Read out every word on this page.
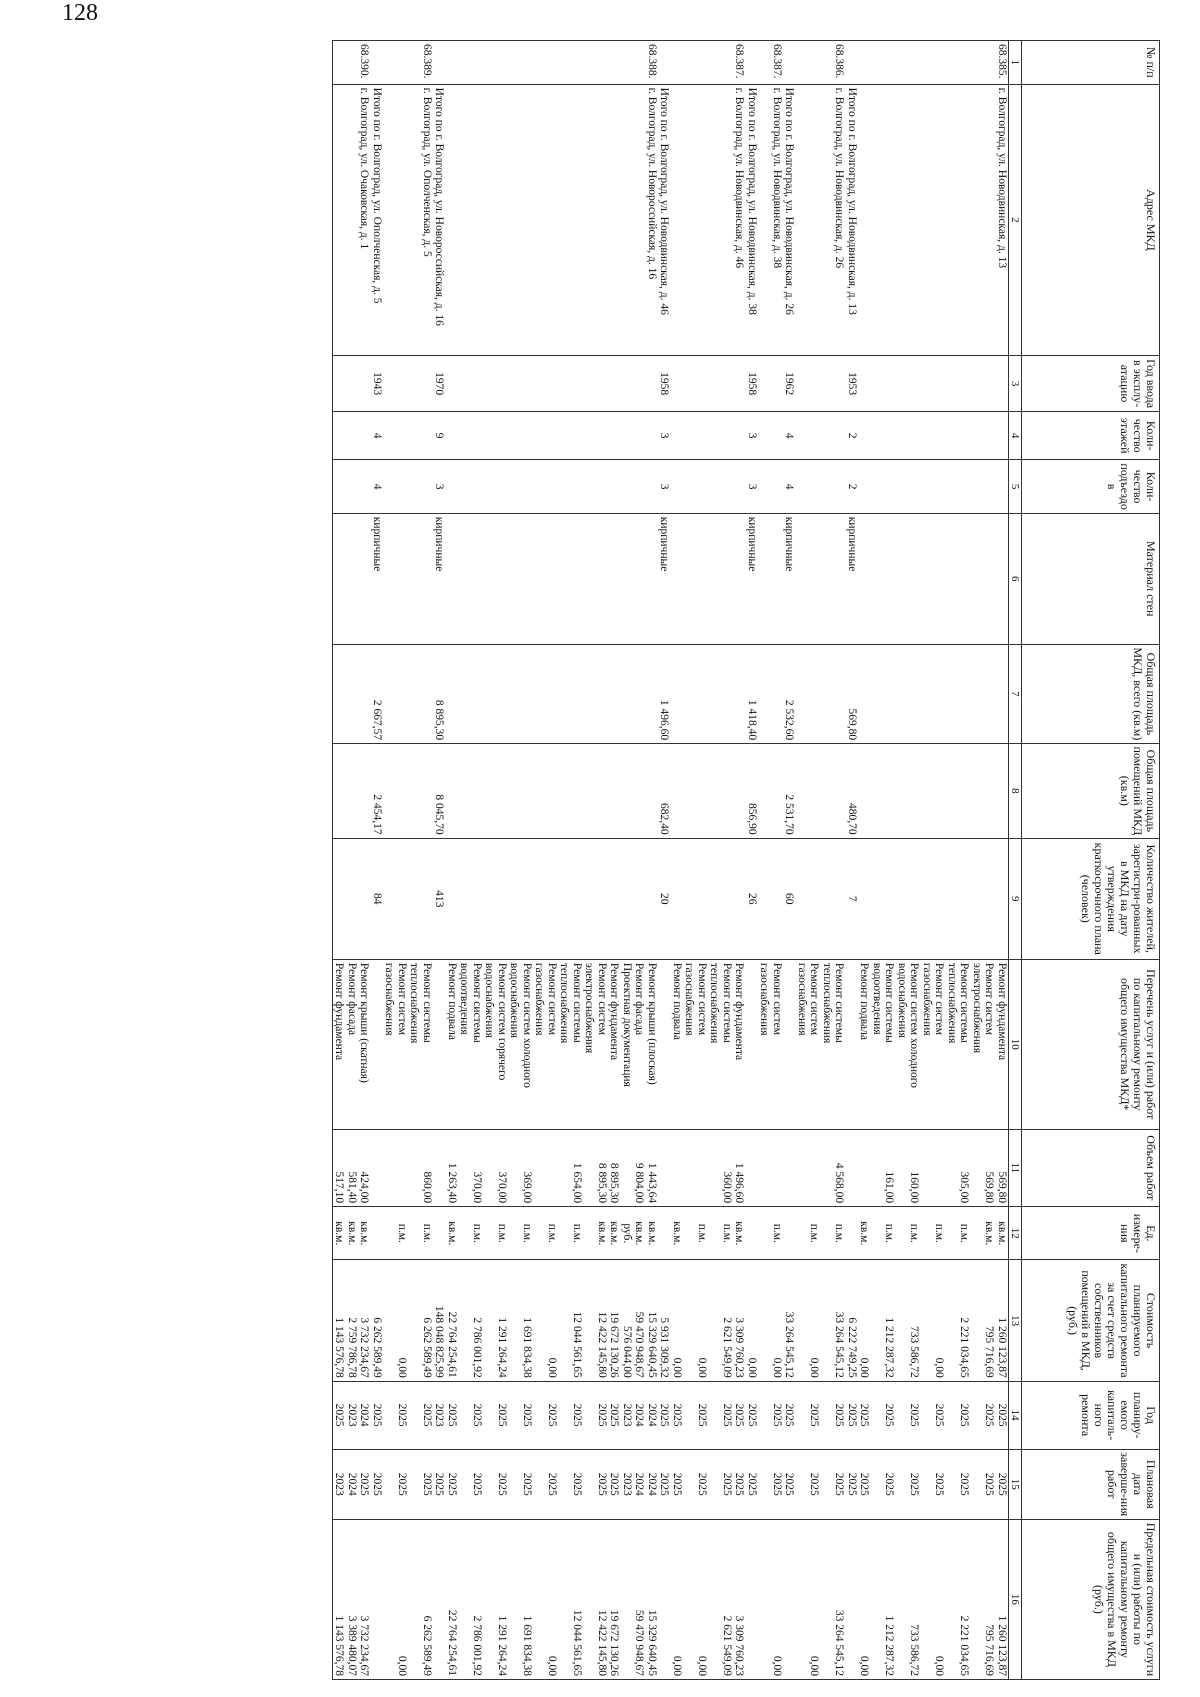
128
№ п/п	Адрес МКД	Год ввода в эксплу-атацию	Коли-чество этажей	Коли-чество подъездо в	Материал стен	Общая площадь МКД, всего (кв.м)	Общая площадь помещений МКД (кв.м)	Количество жителей, зарегистри-рованных в МКД на дату утверждения краткосрочного плана (человек)	Перечень услуг и (или) работ по капитальному ремонту общего имущества МКД*	Объем работ	Ед. измере-ния	Стоимость планируемого капитального ремонта за счет средств собственников помещений в МКД, (руб.)	Год планиру-емого капиталь-ного ремонта	Плановая дата заверше-ния работ	Предельная стоимость услуги и (или) работы по капитальному ремонту общего имущества в МКД (руб.)
1	2	3	4	5	6	7	8	9	10	11	12	13	14	15	16
68.385.	г. Волгоград, ул. Новодвинская, д. 13								Ремонт фундамента	569,80	кв.м.	1 260 123,87	2025	2025	1 260 123,87
									Ремонт систем	569,80	кв.м.	795 716,69	2025	2025	795 716,69
									электроснабжения						
									Ремонт системы	305,00	п.м.	2 221 034,65	2025	2025	2 221 034,65
									теплоснабжения						
									Ремонт систем		п.м.	0,00	2025	2025	0,00
									газоснабжения						
									Ремонт систем холодного	160,00	п.м.	733 586,72	2025	2025	733 586,72
									водоснабжения						
									Ремонт системы	161,00	п.м.	1 212 287,32	2025	2025	1 212 287,32
									водоотведения						
									Ремонт подвала		кв.м.	0,00	2025	2025	0,00
	Итого по г. Волгоград, ул. Новодвинская, д. 13	1953	2	2	кирпичные	569,80	480,70	7				6 222 749,25	2025	2025	
68.386.	г. Волгоград, ул. Новодвинская, д. 26								Ремонт системы	4 568,00	п.м.	33 264 545,12	2025	2025	33 264 545,12
									теплоснабжения						
									Ремонт систем		п.м.	0,00	2025	2025	0,00
									газоснабжения						
	Итого по г. Волгоград, ул. Новодвинская, д. 26	1962	4	4	кирпичные	2 532,60	2 531,70	60				33 264 545,12	2025	2025	
68.387.	г. Волгоград, ул. Новодвинская, д. 38								Ремонт систем		п.м.	0,00	2025	2025	0,00
									газоснабжения						
	Итого по г. Волгоград, ул. Новодвинская, д. 38	1958	3	3	кирпичные	1 418,40	856,90	26				0,00	2025	2025	
68.387.	г. Волгоград, ул. Новодвинская, д. 46								Ремонт фундамента	1 496,60	кв.м.	3 309 760,23	2025	2025	3 309 760,23
									Ремонт системы	360,00	п.м.	2 621 549,09	2025	2025	2 621 549,09
									теплоснабжения						
									Ремонт систем		п.м.	0,00	2025	2025	0,00
									газоснабжения						
									Ремонт подвала		кв.м.	0,00	2025	2025	0,00
	Итого по г. Волгоград, ул. Новодвинская, д. 46	1958	3	3	кирпичные	1 496,60	682,40	20				5 931 309,32	2025	2025	
68.388.	г. Волгоград, ул. Новороссийская, д. 16								Ремонт крыши (плоская)	1 443,64	кв.м.	15 329 640,45	2024	2024	15 329 640,45
									Ремонт фасада	9 804,00	кв.м.	59 470 948,67	2024	2024	59 470 948,67
									Проектная документация		руб.	576 044,00	2023	2023	
									Ремонт фундамента	8 895,30	кв.м.	19 672 130,26	2025	2025	19 672 130,26
									Ремонт систем	8 895,30	кв.м.	12 422 145,80	2025	2025	12 422 145,80
									электроснабжения						
									Ремонт системы	1 654,00	п.м.	12 044 561,65	2025	2025	12 044 561,65
									теплоснабжения						
									Ремонт систем		п.м.	0,00	2025	2025	0,00
									газоснабжения						
									Ремонт систем холодного	369,00	п.м.	1 691 834,38	2025	2025	1 691 834,38
									водоснабжения						
									Ремонт систем горячего	370,00	п.м.	1 291 264,24	2025	2025	1 291 264,24
									водоснабжения						
									Ремонт системы	370,00	п.м.	2 786 001,92	2025	2025	2 786 001,92
									водоотведения						
									Ремонт подвала	1 263,40	кв.м.	22 764 254,61	2025	2025	22 764 254,61
	Итого по г. Волгоград, ул. Новороссийская, д. 16	1970	9	3	кирпичные	8 895,30	8 045,70	413				148 048 825,99	2023	2025	
68.389.	г. Волгоград, ул. Ополченская, д. 5								Ремонт системы	860,00	п.м.	6 262 589,49	2025	2025	6 262 589,49
									теплоснабжения						
									Ремонт систем		п.м.	0,00	2025	2025	0,00
									газоснабжения						
	Итого по г. Волгоград, ул. Ополченская, д. 5	1943	4	4	кирпичные	2 667,57	2 454,17	84				6 262 589,49	2025	2025	
68.390.	г. Волгоград, ул. Очаковская, д. 1								Ремонт крыши (скатная)	424,00	кв.м.	3 732 234,67	2024	2025	3 732 234,67
									Ремонт фасада	581,40	кв.м.	2 759 786,78	2023	2024	3 389 480,07
									Ремонт фундамента	517,10	кв.м.	1 143 576,78	2025	2023	1 143 576,78
